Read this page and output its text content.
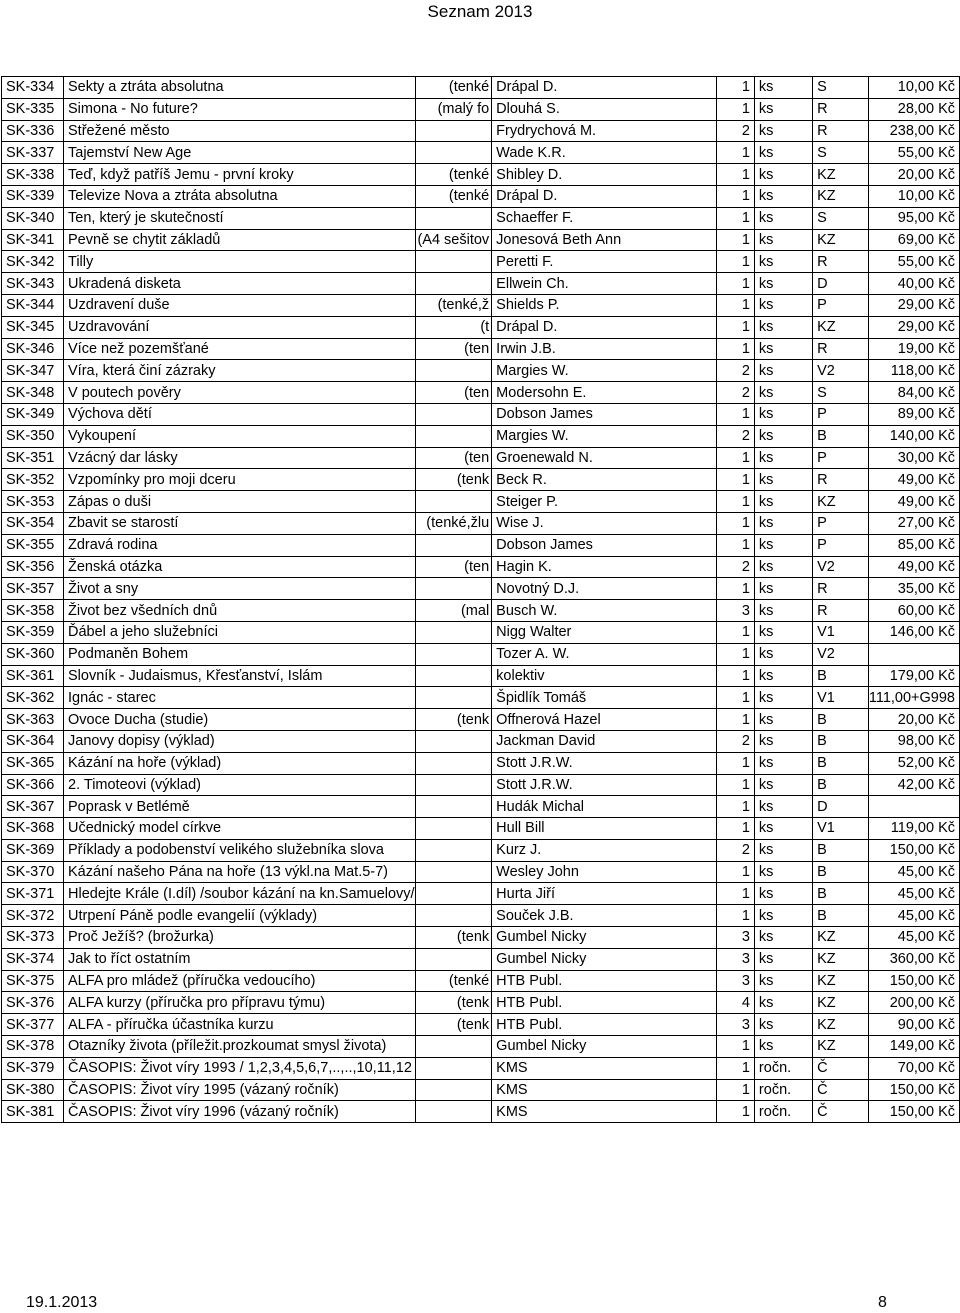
Seznam 2013
SK-334	Sekty a ztráta absolutna	(tenké	Drápal D.	1	ks	S	10,00 Kč
SK-335	Simona - No future?	(malý fo	Dlouhá S.	1	ks	R	28,00 Kč
SK-336	Střežené město		Frydrychová M.	2	ks	R	238,00 Kč
SK-337	Tajemství New Age		Wade K.R.	1	ks	S	55,00 Kč
SK-338	Teď, když patříš Jemu - první kroky	(tenké	Shibley D.	1	ks	KZ	20,00 Kč
SK-339	Televize Nova a ztráta absolutna	(tenké	Drápal D.	1	ks	KZ	10,00 Kč
SK-340	Ten, který je skutečností		Schaeffer F.	1	ks	S	95,00 Kč
SK-341	Pevně se chytit základů	(A4 sešitov	Jonesová Beth Ann	1	ks	KZ	69,00 Kč
SK-342	Tilly		Peretti F.	1	ks	R	55,00 Kč
SK-343	Ukradená disketa		Ellwein Ch.	1	ks	D	40,00 Kč
SK-344	Uzdravení duše	(tenké,ž	Shields P.	1	ks	P	29,00 Kč
SK-345	Uzdravování	(t	Drápal D.	1	ks	KZ	29,00 Kč
SK-346	Více než pozemšťané	(ten	Irwin J.B.	1	ks	R	19,00 Kč
SK-347	Víra, která činí zázraky		Margies W.	2	ks	V2	118,00 Kč
SK-348	V poutech pověry	(ten	Modersohn E.	2	ks	S	84,00 Kč
SK-349	Výchova dětí		Dobson James	1	ks	P	89,00 Kč
SK-350	Vykoupení		Margies W.	2	ks	B	140,00 Kč
SK-351	Vzácný dar lásky	(ten	Groenewald N.	1	ks	P	30,00 Kč
SK-352	Vzpomínky pro moji dceru	(tenk	Beck R.	1	ks	R	49,00 Kč
SK-353	Zápas o duši		Steiger P.	1	ks	KZ	49,00 Kč
SK-354	Zbavit se starostí	(tenké,žlu	Wise J.	1	ks	P	27,00 Kč
SK-355	Zdravá rodina		Dobson James	1	ks	P	85,00 Kč
SK-356	Ženská otázka	(ten	Hagin K.	2	ks	V2	49,00 Kč
SK-357	Život a sny		Novotný D.J.	1	ks	R	35,00 Kč
SK-358	Život bez všedních dnů	(mal	Busch W.	3	ks	R	60,00 Kč
SK-359	Ďábel a jeho služebníci		Nigg Walter	1	ks	V1	146,00 Kč
SK-360	Podmaněn Bohem		Tozer A. W.	1	ks	V2	
SK-361	Slovník - Judaismus, Křesťanství, Islám		kolektiv	1	ks	B	179,00 Kč
SK-362	Ignác - starec		Špidlík Tomáš	1	ks	V1	111,00+G998
SK-363	Ovoce Ducha (studie)	(tenk	Offnerová Hazel	1	ks	B	20,00 Kč
SK-364	Janovy dopisy (výklad)		Jackman David	2	ks	B	98,00 Kč
SK-365	Kázání na hoře (výklad)		Stott J.R.W.	1	ks	B	52,00 Kč
SK-366	2. Timoteovi (výklad)		Stott J.R.W.	1	ks	B	42,00 Kč
SK-367	Poprask v Betlémě		Hudák Michal	1	ks	D	
SK-368	Učednický model církve		Hull Bill	1	ks	V1	119,00 Kč
SK-369	Příklady a podobenství velikého služebníka slova		Kurz J.	2	ks	B	150,00 Kč
SK-370	Kázání našeho Pána na hoře (13 výkl.na Mat.5-7)		Wesley John	1	ks	B	45,00 Kč
SK-371	Hledejte Krále (I.díl) /soubor kázání na kn.Samuelovy/		Hurta Jiří	1	ks	B	45,00 Kč
SK-372	Utrpení Páně podle evangelií (výklady)		Souček J.B.	1	ks	B	45,00 Kč
SK-373	Proč Ježíš? (brožurka)	(tenk	Gumbel Nicky	3	ks	KZ	45,00 Kč
SK-374	Jak to říct ostatním		Gumbel Nicky	3	ks	KZ	360,00 Kč
SK-375	ALFA pro mládež (příručka vedoucího)	(tenké	HTB Publ.	3	ks	KZ	150,00 Kč
SK-376	ALFA kurzy (příručka pro přípravu týmu)	(tenk	HTB Publ.	4	ks	KZ	200,00 Kč
SK-377	ALFA - příručka účastníka kurzu	(tenk	HTB Publ.	3	ks	KZ	90,00 Kč
SK-378	Otazníky života (příležit.prozkoumat smysl života)		Gumbel Nicky	1	ks	KZ	149,00 Kč
SK-379	ČASOPIS: Život víry 1993 / 1,2,3,4,5,6,7,..,..,10,11,12		KMS	1	ročn.	Č	70,00 Kč
SK-380	ČASOPIS: Život víry 1995 (vázaný ročník)		KMS	1	ročn.	Č	150,00 Kč
SK-381	ČASOPIS: Život víry 1996 (vázaný ročník)		KMS	1	ročn.	Č	150,00 Kč
19.1.2013	8
